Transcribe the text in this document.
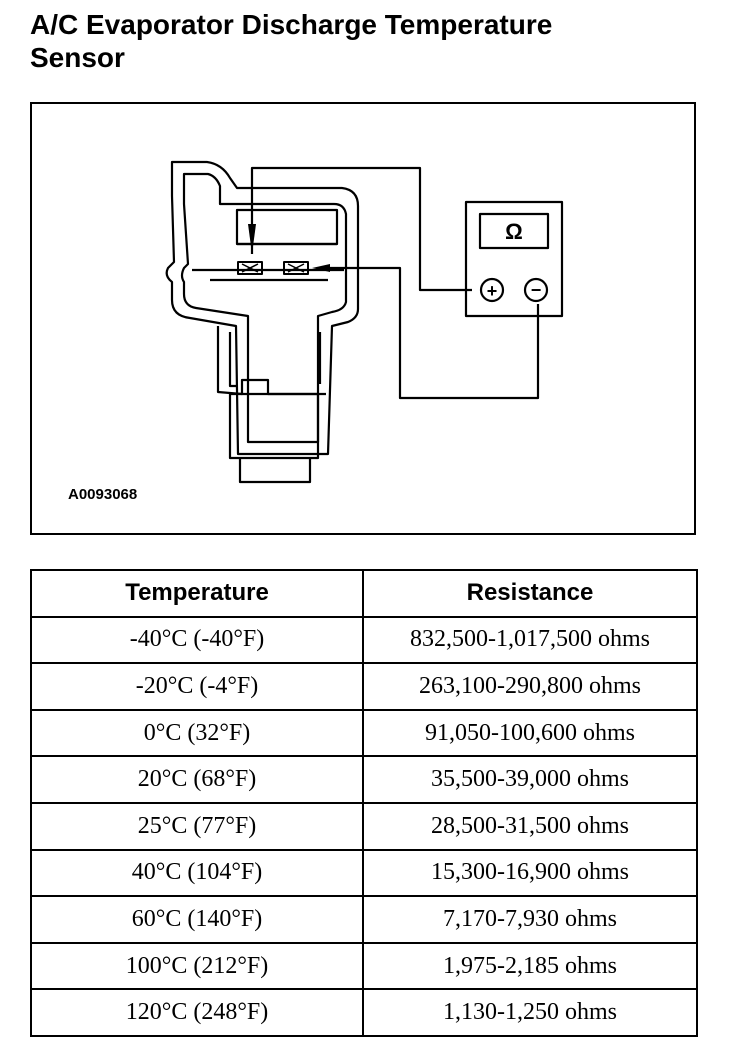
A/C Evaporator Discharge Temperature
Sensor
Ω
+ −
A0093068
Temperature	Resistance
-40°C (-40°F)	832,500-1,017,500 ohms
-20°C (-4°F)	263,100-290,800 ohms
0°C (32°F)	91,050-100,600 ohms
20°C (68°F)	35,500-39,000 ohms
25°C (77°F)	28,500-31,500 ohms
40°C (104°F)	15,300-16,900 ohms
60°C (140°F)	7,170-7,930 ohms
100°C (212°F)	1,975-2,185 ohms
120°C (248°F)	1,130-1,250 ohms
